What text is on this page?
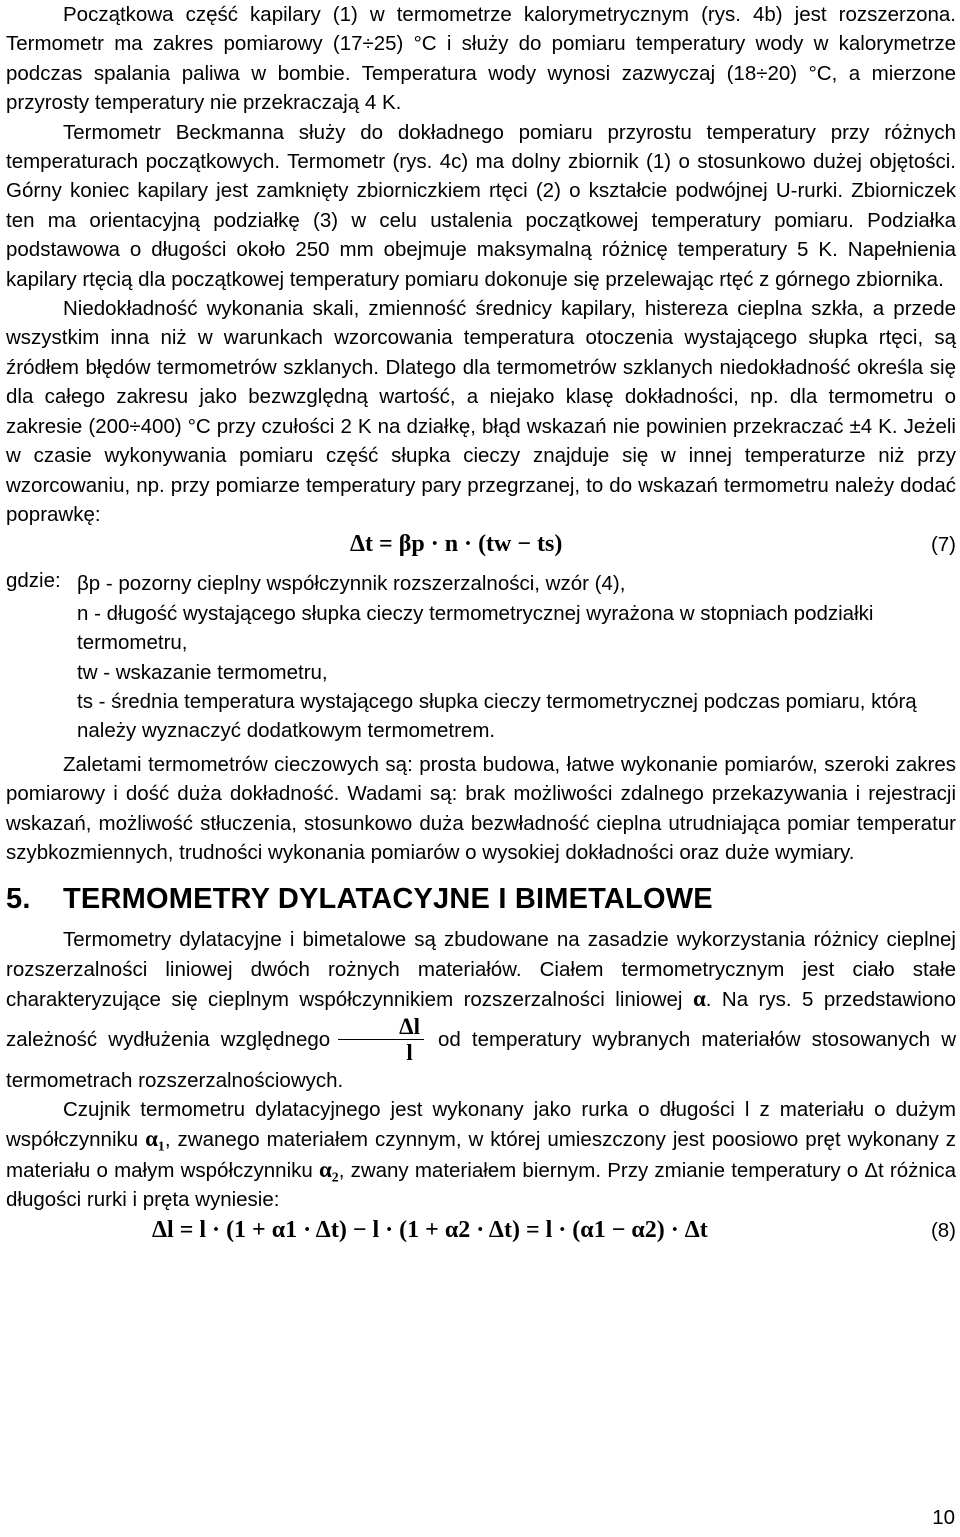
Początkowa część kapilary (1) w termometrze kalorymetrycznym (rys. 4b) jest rozszerzona. Termometr ma zakres pomiarowy (17÷25) °C i służy do pomiaru temperatury wody w kalorymetrze podczas spalania paliwa w bombie. Temperatura wody wynosi zazwyczaj (18÷20) °C, a mierzone przyrosty temperatury nie przekraczają 4 K.

Termometr Beckmanna służy do dokładnego pomiaru przyrostu temperatury przy różnych temperaturach początkowych. Termometr (rys. 4c) ma dolny zbiornik (1) o stosunkowo dużej objętości. Górny koniec kapilary jest zamknięty zbiorniczkiem rtęci (2) o kształcie podwójnej U-rurki. Zbiorniczek ten ma orientacyjną podziałkę (3) w celu ustalenia początkowej temperatury pomiaru. Podziałka podstawowa o długości około 250 mm obejmuje maksymalną różnicę temperatury 5 K. Napełnienia kapilary rtęcią dla początkowej temperatury pomiaru dokonuje się przelewając rtęć z górnego zbiornika.

Niedokładność wykonania skali, zmienność średnicy kapilary, histereza cieplna szkła, a przede wszystkim inna niż w warunkach wzorcowania temperatura otoczenia wystającego słupka rtęci, są źródłem błędów termometrów szklanych. Dlatego dla termometrów szklanych niedokładność określa się dla całego zakresu jako bezwzględną wartość, a niejako klasę dokładności, np. dla termometru o zakresie (200÷400) °C przy czułości 2 K na działkę, błąd wskazań nie powinien przekraczać ±4 K. Jeżeli w czasie wykonywania pomiaru część słupka cieczy znajduje się w innej temperaturze niż przy wzorcowaniu, np. przy pomiarze temperatury pary przegrzanej, to do wskazań termometru należy dodać poprawkę:

Δt = βp · n · (tw − ts)	(7)
gdzie: βp - pozorny cieplny współczynnik rozszerzalności, wzór (4),

n - długość wystającego słupka cieczy termometrycznej wyrażona w stopniach podziałki termometru,

tw - wskazanie termometru,

ts - średnia temperatura wystającego słupka cieczy termometrycznej podczas pomiaru, którą należy wyznaczyć dodatkowym termometrem.

Zaletami termometrów cieczowych są: prosta budowa, łatwe wykonanie pomiarów, szeroki zakres pomiarowy i dość duża dokładność. Wadami są: brak możliwości zdalnego przekazywania i rejestracji wskazań, możliwość stłuczenia, stosunkowo duża bezwładność cieplna utrudniająca pomiar temperatur szybkozmiennych, trudności wykonania pomiarów o wysokiej dokładności oraz duże wymiary.

5. TERMOMETRY DYLATACYJNE I BIMETALOWE

Termometry dylatacyjne i bimetalowe są zbudowane na zasadzie wykorzystania różnicy cieplnej rozszerzalności liniowej dwóch rożnych materiałów. Ciałem termometrycznym jest ciało stałe charakteryzujące się cieplnym współczynnikiem rozszerzalności liniowej α. Na rys. 5 przedstawiono zależność wydłużenia względnego $\frac{\Delta l}{l}$ od temperatury wybranych materiałów stosowanych w termometrach rozszerzalnościowych.

Czujnik termometru dylatacyjnego jest wykonany jako rurka o długości l z materiału o dużym współczynniku α₁, zwanego materiałem czynnym, w której umieszczony jest poosiowo pręt wykonany z materiału o małym współczynniku α₂, zwany materiałem biernym. Przy zmianie temperatury o Δt różnica długości rurki i pręta wyniesie:

Δl = l · (1 + α1 · Δt) − l · (1 + α2 · Δt) = l · (α1 − α2) · Δt	(8)
10
